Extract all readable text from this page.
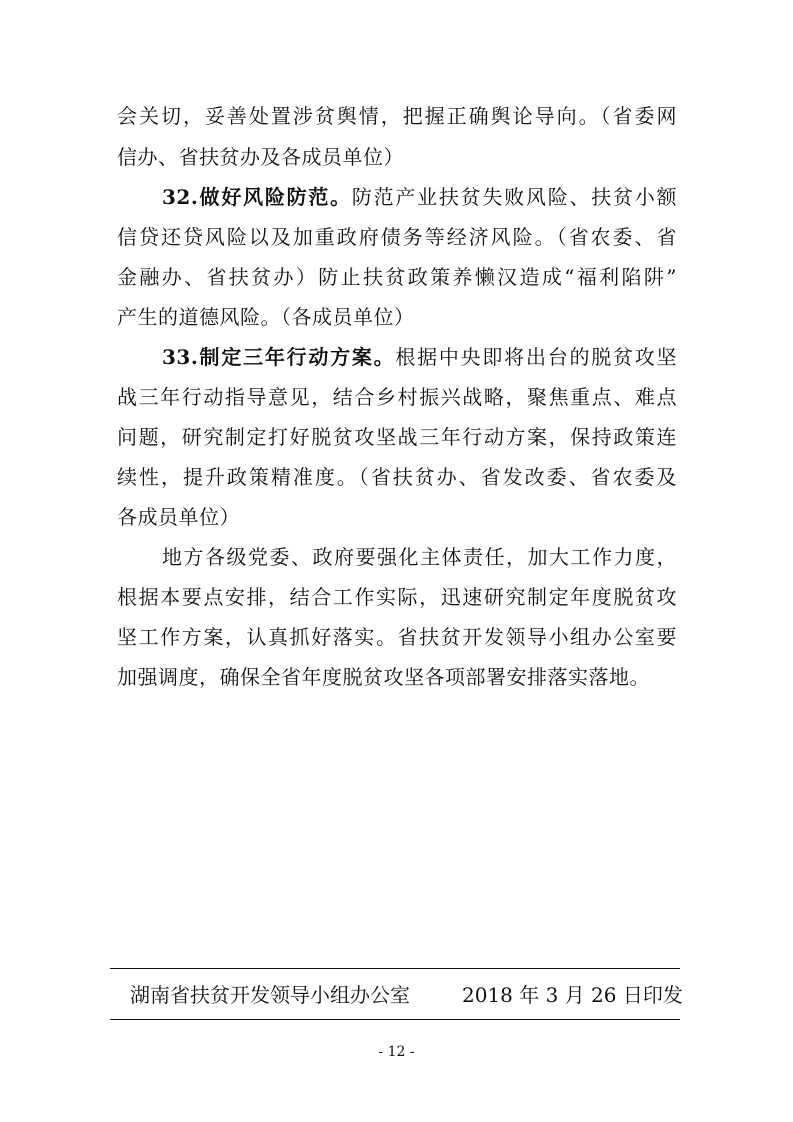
会关切，妥善处置涉贫舆情，把握正确舆论导向。（省委网
信办、省扶贫办及各成员单位）
32.做好风险防范。防范产业扶贫失败风险、扶贫小额
信贷还贷风险以及加重政府债务等经济风险。（省农委、省
金融办、省扶贫办）防止扶贫政策养懒汉造成“福利陷阱”
产生的道德风险。（各成员单位）
33.制定三年行动方案。根据中央即将出台的脱贫攻坚
战三年行动指导意见，结合乡村振兴战略，聚焦重点、难点
问题，研究制定打好脱贫攻坚战三年行动方案，保持政策连
续性，提升政策精准度。（省扶贫办、省发改委、省农委及
各成员单位）
地方各级党委、政府要强化主体责任，加大工作力度，
根据本要点安排，结合工作实际，迅速研究制定年度脱贫攻
坚工作方案，认真抓好落实。省扶贫开发领导小组办公室要
加强调度，确保全省年度脱贫攻坚各项部署安排落实落地。
湖南省扶贫开发领导小组办公室	2018 年 3 月 26 日印发
- 12 -
